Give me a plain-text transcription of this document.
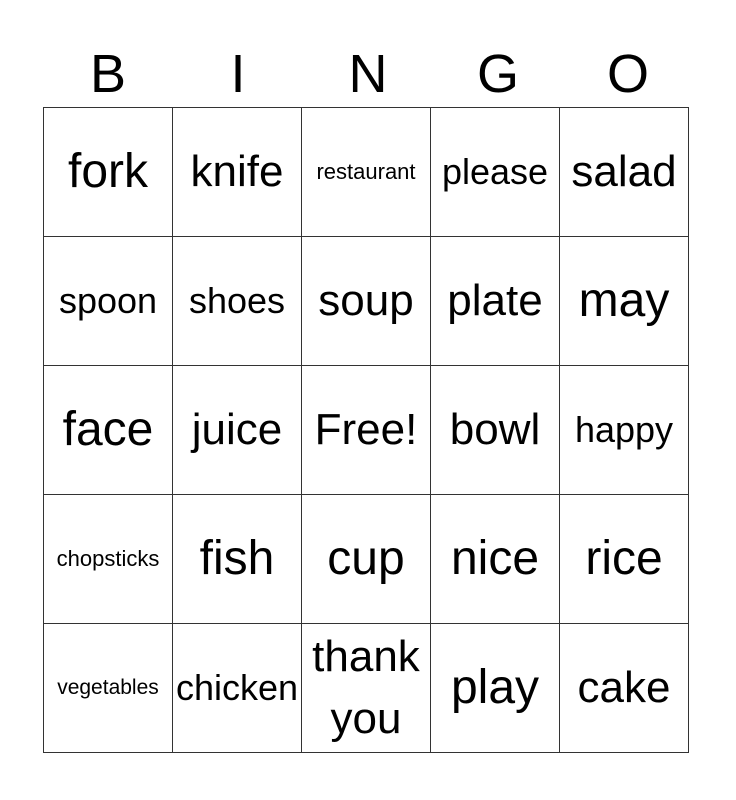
B	I	N	G	O
fork	knife	restaurant	please	salad

spoon	shoes	soup	plate	may

face	juice	Free!	bowl	happy

chopsticks	fish	cup	nice	rice

vegetables	chicken	thank you	play	cake
